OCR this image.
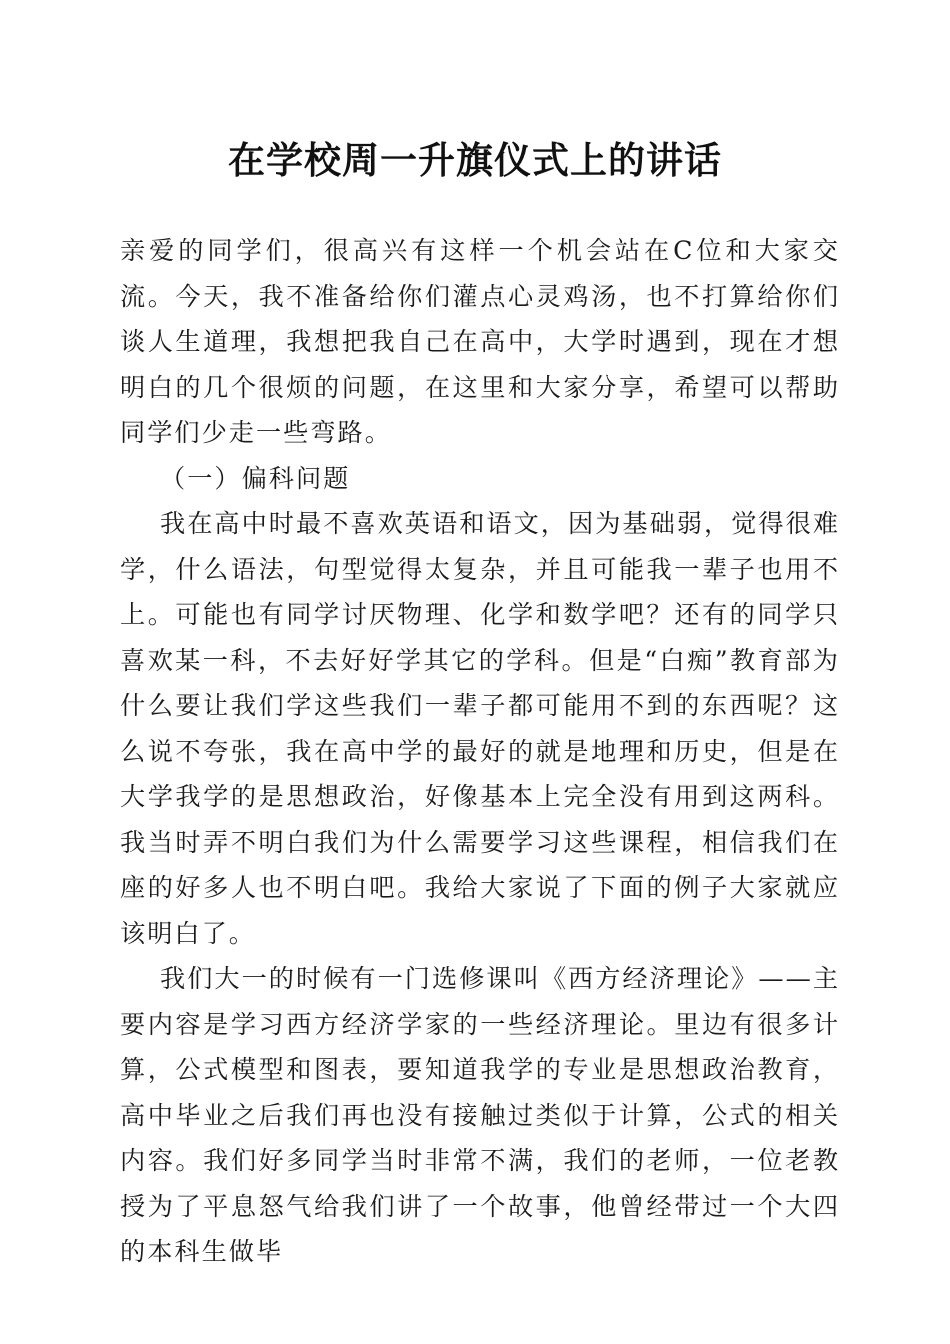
在学校周一升旗仪式上的讲话

亲爱的同学们，很高兴有这样一个机会站在C位和大家交流。今天，我不准备给你们灌点心灵鸡汤，也不打算给你们谈人生道理，我想把我自己在高中，大学时遇到，现在才想明白的几个很烦的问题，在这里和大家分享，希望可以帮助同学们少走一些弯路。

（一）偏科问题

我在高中时最不喜欢英语和语文，因为基础弱，觉得很难学，什么语法，句型觉得太复杂，并且可能我一辈子也用不上。可能也有同学讨厌物理、化学和数学吧？还有的同学只喜欢某一科，不去好好学其它的学科。但是“白痴”教育部为什么要让我们学这些我们一辈子都可能用不到的东西呢？这么说不夸张，我在高中学的最好的就是地理和历史，但是在大学我学的是思想政治，好像基本上完全没有用到这两科。我当时弄不明白我们为什么需要学习这些课程，相信我们在座的好多人也不明白吧。我给大家说了下面的例子大家就应该明白了。

我们大一的时候有一门选修课叫《西方经济理论》——主要内容是学习西方经济学家的一些经济理论。里边有很多计算，公式模型和图表，要知道我学的专业是思想政治教育，高中毕业之后我们再也没有接触过类似于计算，公式的相关内容。我们好多同学当时非常不满，我们的老师，一位老教授为了平息怒气给我们讲了一个故事，他曾经带过一个大四的本科生做毕
